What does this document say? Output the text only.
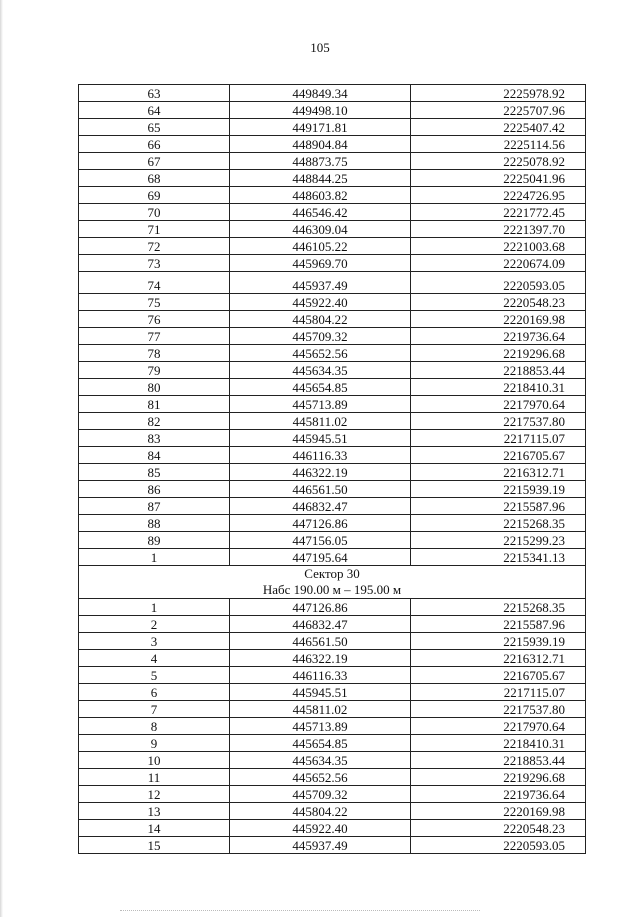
105
63	449849.34	2225978.92
64	449498.10	2225707.96
65	449171.81	2225407.42
66	448904.84	2225114.56
67	448873.75	2225078.92
68	448844.25	2225041.96
69	448603.82	2224726.95
70	446546.42	2221772.45
71	446309.04	2221397.70
72	446105.22	2221003.68
73	445969.70	2220674.09
74	445937.49	2220593.05
75	445922.40	2220548.23
76	445804.22	2220169.98
77	445709.32	2219736.64
78	445652.56	2219296.68
79	445634.35	2218853.44
80	445654.85	2218410.31
81	445713.89	2217970.64
82	445811.02	2217537.80
83	445945.51	2217115.07
84	446116.33	2216705.67
85	446322.19	2216312.71
86	446561.50	2215939.19
87	446832.47	2215587.96
88	447126.86	2215268.35
89	447156.05	2215299.23
1	447195.64	2215341.13

Сектор 30
Набс 190.00 м – 195.00 м		

1	447126.86	2215268.35
2	446832.47	2215587.96
3	446561.50	2215939.19
4	446322.19	2216312.71
5	446116.33	2216705.67
6	445945.51	2217115.07
7	445811.02	2217537.80
8	445713.89	2217970.64
9	445654.85	2218410.31
10	445634.35	2218853.44
11	445652.56	2219296.68
12	445709.32	2219736.64
13	445804.22	2220169.98
14	445922.40	2220548.23
15	445937.49	2220593.05
